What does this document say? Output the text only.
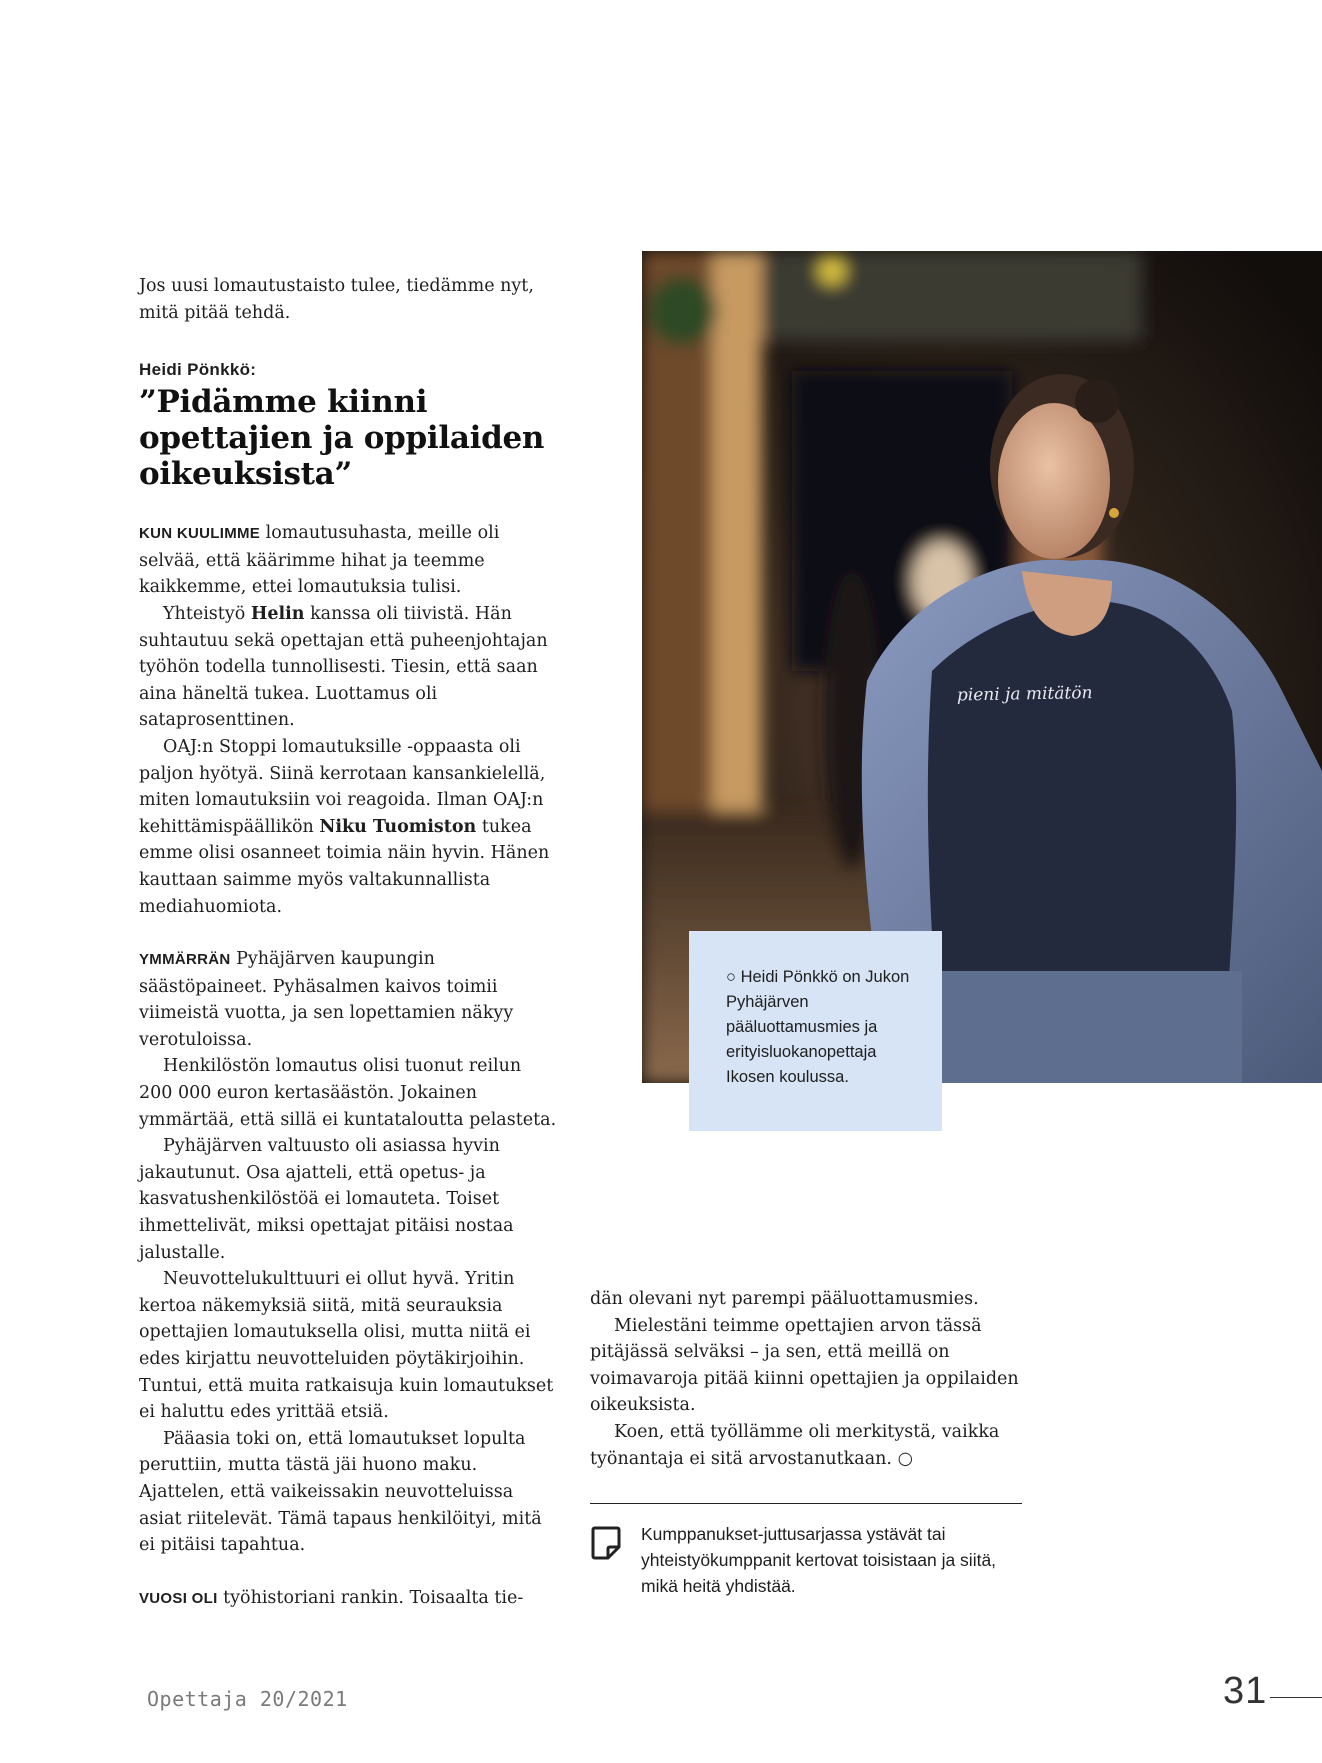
Jos uusi lomautustaisto tulee, tiedämme nyt, mitä pitää tehdä.

Heidi Pönkkö:
”Pidämme kiinni opettajien ja oppilaiden oikeuksista”

KUN KUULIMME lomautusuhasta, meille oli selvää, että käärimme hihat ja teemme kaikkemme, ettei lomautuksia tulisi.

Yhteistyö Helin kanssa oli tiivistä. Hän suhtautuu sekä opettajan että puheenjohtajan työhön todella tunnollisesti. Tiesin, että saan aina häneltä tukea. Luottamus oli sataprosenttinen.

OAJ:n Stoppi lomautuksille -oppaasta oli paljon hyötyä. Siinä kerrotaan kansankielellä, miten lomautuksiin voi reagoida. Ilman OAJ:n kehittämispäällikön Niku Tuomiston tukea emme olisi osanneet toimia näin hyvin. Hänen kauttaan saimme myös valtakunnallista mediahuomiota.

YMMÄRRÄN Pyhäjärven kaupungin säästöpaineet. Pyhäsalmen kaivos toimii viimeistä vuotta, ja sen lopettamien näkyy verotuloissa.

Henkilöstön lomautus olisi tuonut reilun 200 000 euron kertasäästön. Jokainen ymmärtää, että sillä ei kuntataloutta pelasteta.

Pyhäjärven valtuusto oli asiassa hyvin jakautunut. Osa ajatteli, että opetus- ja kasvatushenkilöstöä ei lomauteta. Toiset ihmettelivät, miksi opettajat pitäisi nostaa jalustalle.

Neuvottelukulttuuri ei ollut hyvä. Yritin kertoa näkemyksiä siitä, mitä seurauksia opettajien lomautuksella olisi, mutta niitä ei edes kirjattu neuvotteluiden pöytäkirjoihin. Tuntui, että muita ratkaisuja kuin lomautukset ei haluttu edes yrittää etsiä.

Pääasia toki on, että lomautukset lopulta peruttiin, mutta tästä jäi huono maku. Ajattelen, että vaikeissakin neuvotteluissa asiat riitelevät. Tämä tapaus henkilöityi, mitä ei pitäisi tapahtua.

VUOSI OLI työhistoriani rankin. Toisaalta tie-

pieni ja mitätön
○ Heidi Pönkkö on Jukon Pyhäjärven pääluottamusmies ja erityisluokanopettaja Ikosen koulussa.

dän olevani nyt parempi pääluottamusmies.

Mielestäni teimme opettajien arvon tässä pitäjässä selväksi – ja sen, että meillä on voimavaroja pitää kiinni opettajien ja oppilaiden oikeuksista.

Koen, että työllämme oli merkitystä, vaikka työnantaja ei sitä arvostanutkaan. ○

Kumppanukset-juttusarjassa ystävät tai yhteistyökumppanit kertovat toisistaan ja siitä, mikä heitä yhdistää.
Opettaja 20/2021	31
